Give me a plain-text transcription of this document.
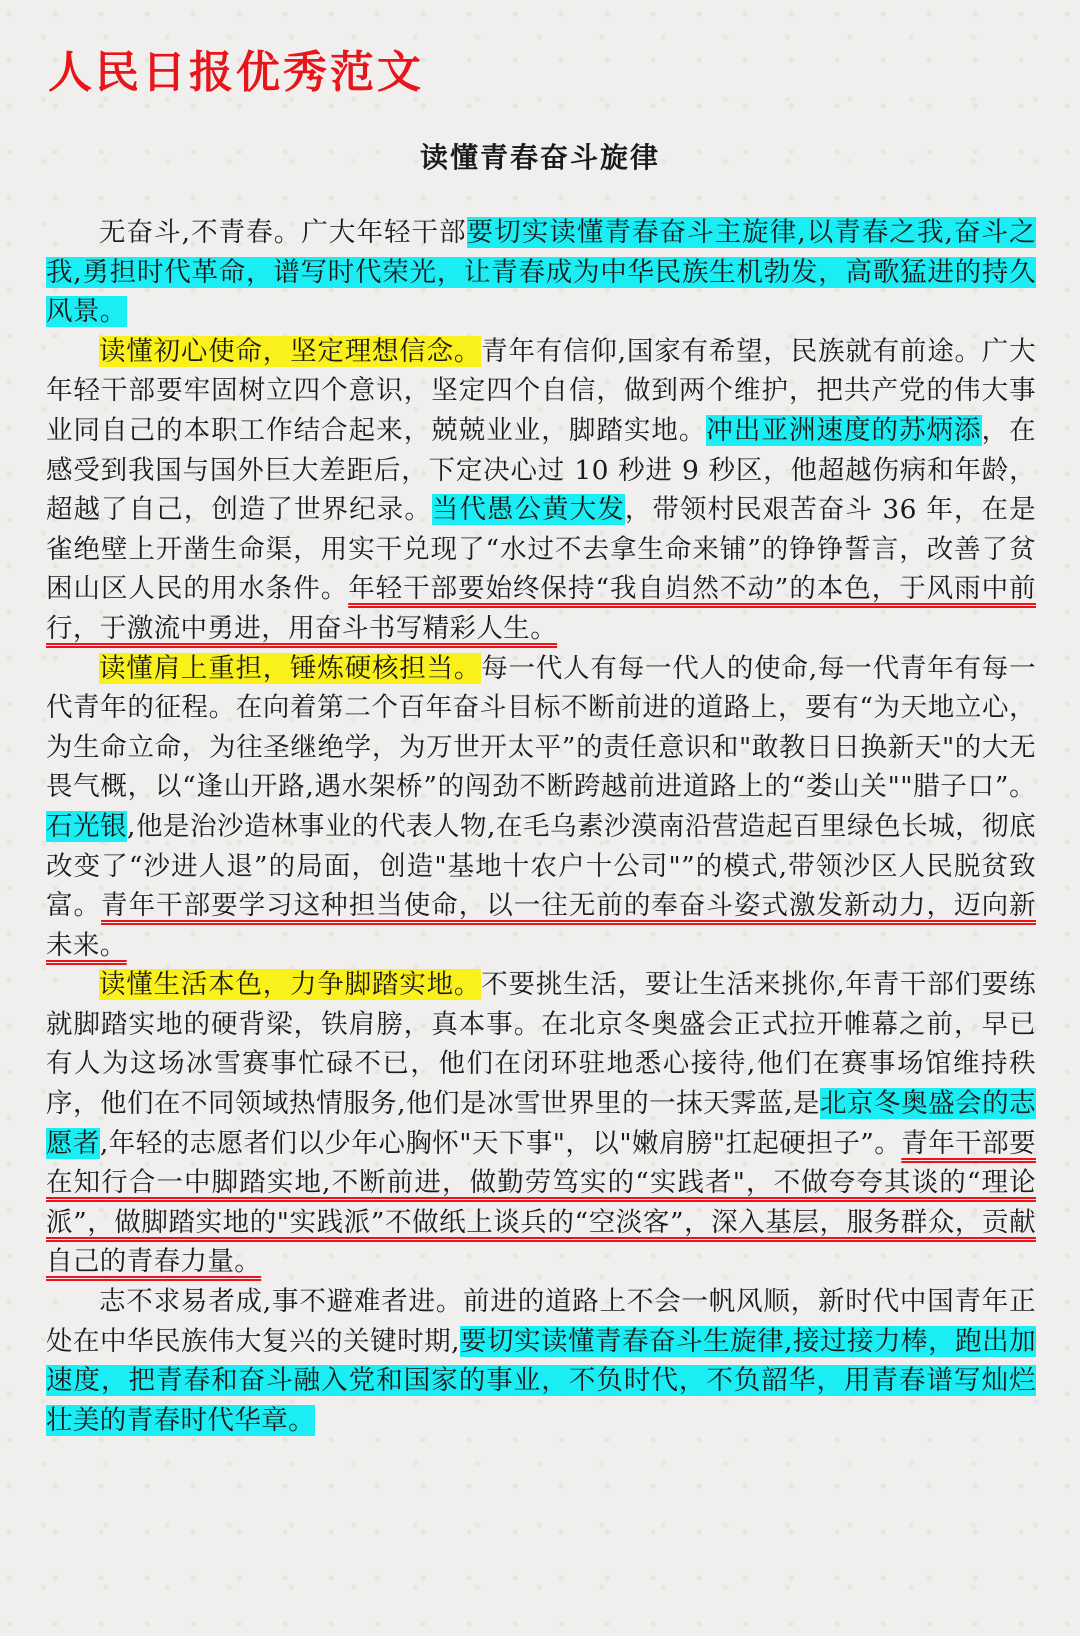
人民日报优秀范文
读懂青春奋斗旋律

无奋斗,不青春。广大年轻干部要切实读懂青春奋斗主旋律,以青春之我,奋斗之我,勇担时代革命，谱写时代荣光，让青春成为中华民族生机勃发，高歌猛进的持久风景。

读懂初心使命，坚定理想信念。青年有信仰,国家有希望，民族就有前途。广大年轻干部要牢固树立四个意识，坚定四个自信，做到两个维护，把共产党的伟大事业同自己的本职工作结合起来，兢兢业业，脚踏实地。冲出亚洲速度的苏炳添，在感受到我国与国外巨大差距后，下定决心过 10 秒进 9 秒区，他超越伤病和年龄，超越了自己，创造了世界纪录。当代愚公黄大发，带领村民艰苦奋斗 36 年，在是雀绝壁上开凿生命渠，用实干兑现了“水过不去拿生命来铺”的铮铮誓言，改善了贫困山区人民的用水条件。年轻干部要始终保持“我自岿然不动”的本色，于风雨中前行，于激流中勇进，用奋斗书写精彩人生。

读懂肩上重担，锤炼硬核担当。每一代人有每一代人的使命,每一代青年有每一代青年的征程。在向着第二个百年奋斗目标不断前进的道路上，要有“为天地立心，为生命立命，为往圣继绝学，为万世开太平”的责任意识和"敢教日日换新天"的大无畏气概，以“逢山开路,遇水架桥”的闯劲不断跨越前进道路上的“娄山关""腊子口”。石光银,他是治沙造林事业的代表人物,在毛乌素沙漠南沿营造起百里绿色长城，彻底改变了“沙进人退”的局面，创造"基地十农户十公司"”的模式,带领沙区人民脱贫致富。青年干部要学习这种担当使命，以一往无前的奉奋斗姿式激发新动力，迈向新未来。

读懂生活本色，力争脚踏实地。不要挑生活，要让生活来挑你,年青干部们要练就脚踏实地的硬背梁，铁肩膀，真本事。在北京冬奥盛会正式拉开帷幕之前，早已有人为这场冰雪赛事忙碌不已，他们在闭环驻地悉心接待,他们在赛事场馆维持秩序，他们在不同领域热情服务,他们是冰雪世界里的一抹天霁蓝,是北京冬奥盛会的志愿者,年轻的志愿者们以少年心胸怀"天下事"，以"嫩肩膀"扛起硬担子”。青年干部要在知行合一中脚踏实地,不断前进，做勤劳笃实的“实践者"，不做夸夸其谈的“理论派”，做脚踏实地的"实践派”不做纸上谈兵的“空淡客”，深入基层，服务群众，贡献自己的青春力量。

志不求易者成,事不避难者进。前进的道路上不会一帆风顺，新时代中国青年正处在中华民族伟大复兴的关键时期,要切实读懂青春奋斗生旋律,接过接力棒，跑出加速度，把青春和奋斗融入党和国家的事业，不负时代，不负韶华，用青春谱写灿烂壮美的青春时代华章。
